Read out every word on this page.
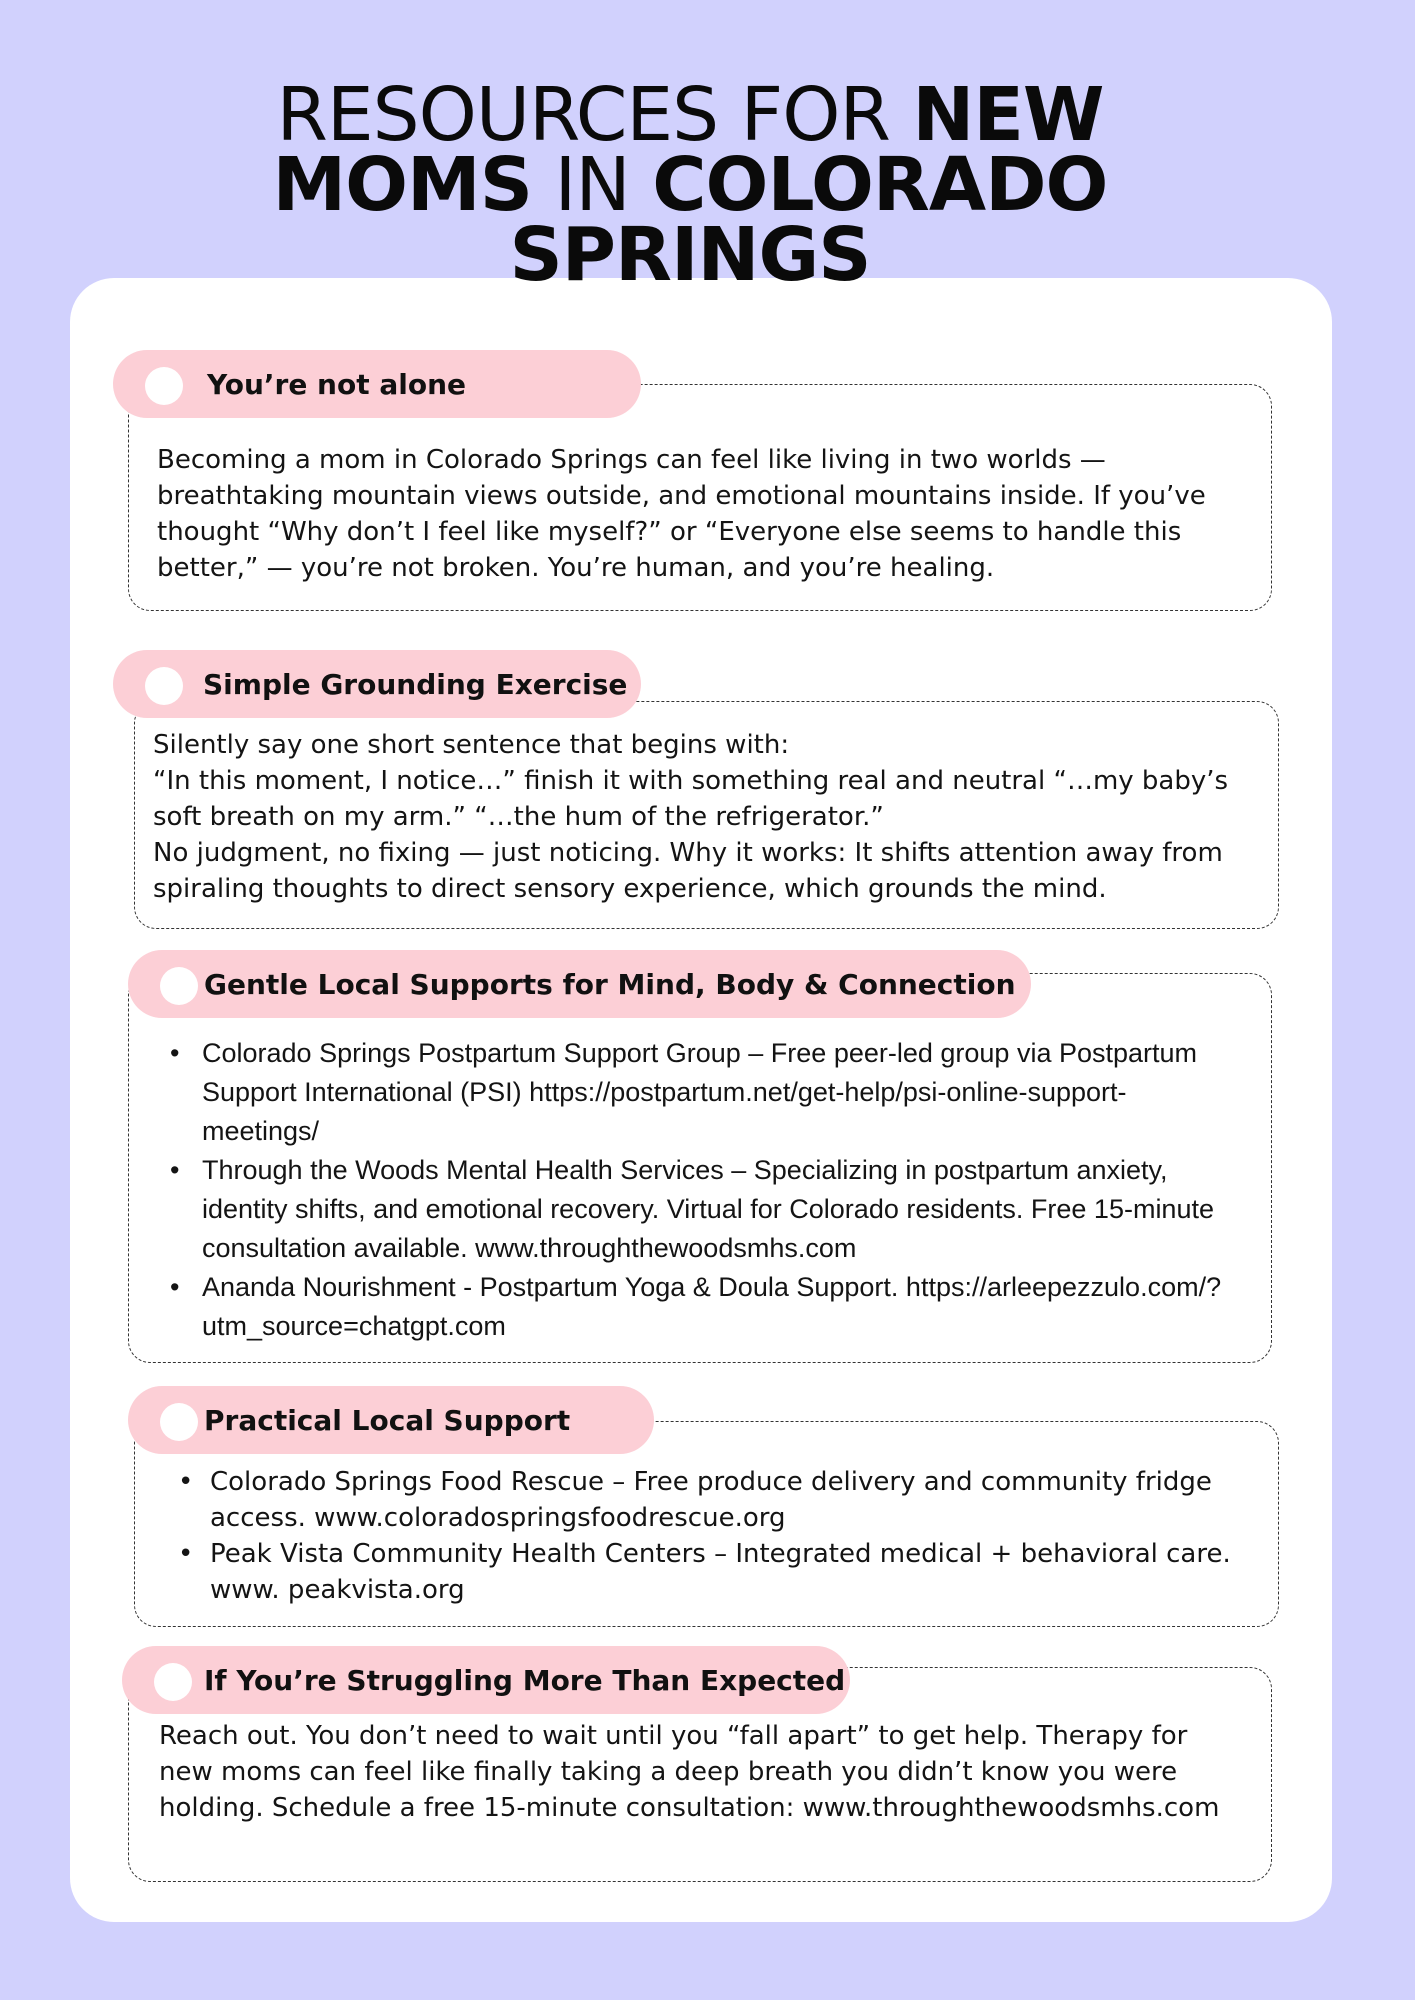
RESOURCES FOR NEW
MOMS IN COLORADO
SPRINGS
You’re not alone
Becoming a mom in Colorado Springs can feel like living in two worlds — breathtaking mountain views outside, and emotional mountains inside. If you’ve thought “Why don’t I feel like myself?” or “Everyone else seems to handle this better,” — you’re not broken. You’re human, and you’re healing.
Simple Grounding Exercise
Silently say one short sentence that begins with:
“In this moment, I notice…” finish it with something real and neutral “…my baby’s soft breath on my arm.” “…the hum of the refrigerator.”
No judgment, no fixing — just noticing. Why it works: It shifts attention away from spiraling thoughts to direct sensory experience, which grounds the mind.
Gentle Local Supports for Mind, Body & Connection
• Colorado Springs Postpartum Support Group – Free peer-led group via Postpartum Support International (PSI) https://postpartum.net/get-help/psi-online-support-meetings/
• Through the Woods Mental Health Services – Specializing in postpartum anxiety, identity shifts, and emotional recovery. Virtual for Colorado residents. Free 15-minute consultation available. www.throughthewoodsmhs.com
• Ananda Nourishment - Postpartum Yoga & Doula Support. https://arleepezzulo.com/?utm_source=chatgpt.com
Practical Local Support
• Colorado Springs Food Rescue – Free produce delivery and community fridge access. www.coloradospringsfoodrescue.org
• Peak Vista Community Health Centers – Integrated medical + behavioral care. www. peakvista.org
If You’re Struggling More Than Expected
Reach out. You don’t need to wait until you “fall apart” to get help. Therapy for new moms can feel like finally taking a deep breath you didn’t know you were holding. Schedule a free 15-minute consultation: www.throughthewoodsmhs.com
